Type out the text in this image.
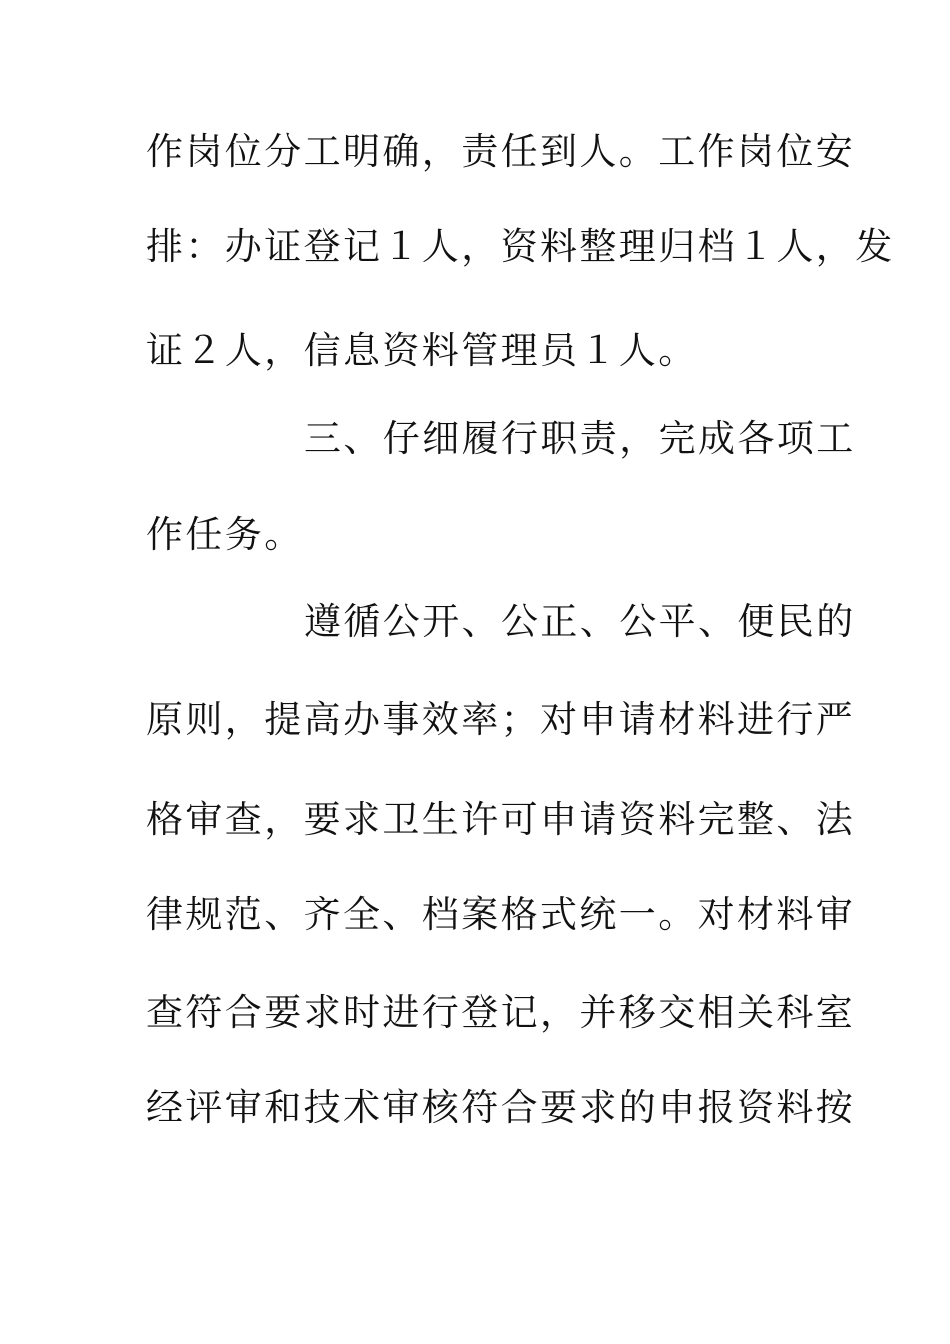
作岗位分工明确，责任到人。工作岗位安
排：办证登记１人，资料整理归档１人，发
证２人，信息资料管理员１人。
三、仔细履行职责，完成各项工
作任务。
遵循公开、公正、公平、便民的
原则，提高办事效率；对申请材料进行严
格审查，要求卫生许可申请资料完整、法
律规范、齐全、档案格式统一。对材料审
查符合要求时进行登记，并移交相关科室
经评审和技术审核符合要求的申报资料按
